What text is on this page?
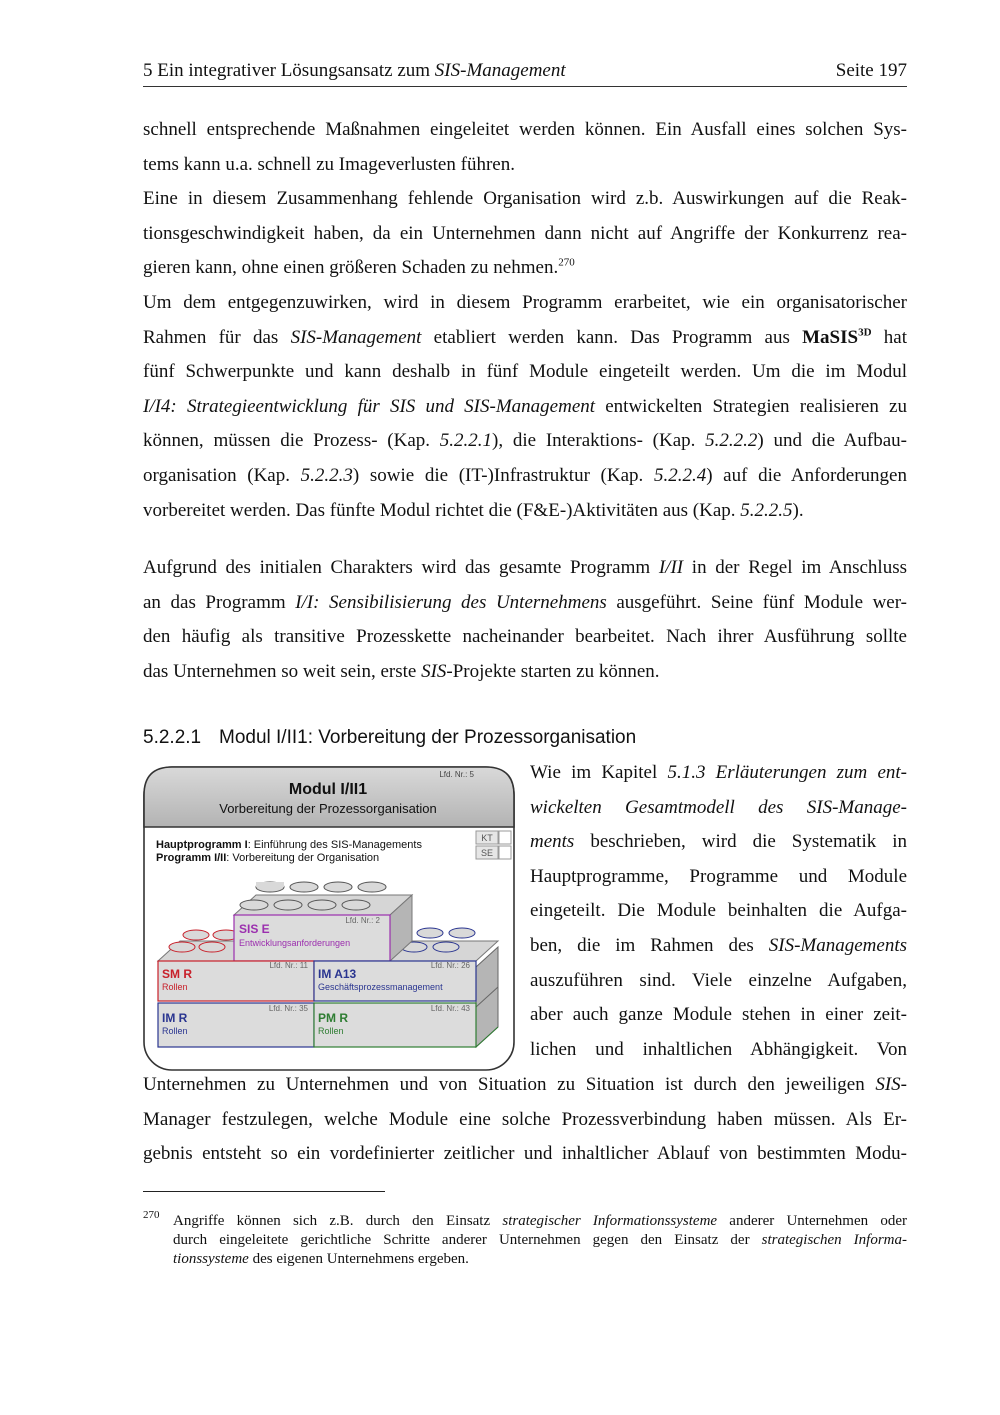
5 Ein integrativer Lösungsansatz zum SIS-Management	Seite 197
schnell entsprechende Maßnahmen eingeleitet werden können. Ein Ausfall eines solchen Sys-
tems kann u.a. schnell zu Imageverlusten führen.
Eine in diesem Zusammenhang fehlende Organisation wird z.b. Auswirkungen auf die Reak-
tionsgeschwindigkeit haben, da ein Unternehmen dann nicht auf Angriffe der Konkurrenz rea-
gieren kann, ohne einen größeren Schaden zu nehmen.$^{270}$
Um dem entgegenzuwirken, wird in diesem Programm erarbeitet, wie ein organisatorischer
Rahmen für das SIS-Management etabliert werden kann. Das Programm aus MaSIS$^{3D}$ hat
fünf Schwerpunkte und kann deshalb in fünf Module eingeteilt werden. Um die im Modul
I/I4: Strategieentwicklung für SIS und SIS-Management entwickelten Strategien realisieren zu
können, müssen die Prozess- (Kap. 5.2.2.1), die Interaktions- (Kap. 5.2.2.2) und die Aufbau-
organisation (Kap. 5.2.2.3) sowie die (IT-)Infrastruktur (Kap. 5.2.2.4) auf die Anforderungen
vorbereitet werden. Das fünfte Modul richtet die (F&E-)Aktivitäten aus (Kap. 5.2.2.5).
Aufgrund des initialen Charakters wird das gesamte Programm I/II in der Regel im Anschluss
an das Programm I/I: Sensibilisierung des Unternehmens ausgeführt. Seine fünf Module wer-
den häufig als transitive Prozesskette nacheinander bearbeitet. Nach ihrer Ausführung sollte
das Unternehmen so weit sein, erste SIS-Projekte starten zu können.
5.2.2.1 Modul I/II1: Vorbereitung der Prozessorganisation
Lfd. Nr.: 5
Modul I/II1
Vorbereitung der Prozessorganisation
Hauptprogramm I: Einführung des SIS-Managements
Programm I/II: Vorbereitung der Organisation
KT
SE
Lfd. Nr.: 2
SIS E
Entwicklungsanforderungen
Lfd. Nr.: 11
SM R
Rollen
Lfd. Nr.: 26
IM A13
Geschäftsprozessmanagement
Lfd. Nr.: 35
IM R
Rollen
Lfd. Nr.: 43
PM R
Rollen
Wie im Kapitel 5.1.3 Erläuterungen zum ent-
wickelten Gesamtmodell des SIS-Manage-
ments beschrieben, wird die Systematik in
Hauptprogramme, Programme und Module
eingeteilt. Die Module beinhalten die Aufga-
ben, die im Rahmen des SIS-Managements
auszuführen sind. Viele einzelne Aufgaben,
aber auch ganze Module stehen in einer zeit-
lichen und inhaltlichen Abhängigkeit. Von
Unternehmen zu Unternehmen und von Situation zu Situation ist durch den jeweiligen SIS-
Manager festzulegen, welche Module eine solche Prozessverbindung haben müssen. Als Er-
gebnis entsteht so ein vordefinierter zeitlicher und inhaltlicher Ablauf von bestimmten Modu-
270 Angriffe können sich z.B. durch den Einsatz strategischer Informationssysteme anderer Unternehmen oder
durch eingeleitete gerichtliche Schritte anderer Unternehmen gegen den Einsatz der strategischen Informa-
tionssysteme des eigenen Unternehmens ergeben.
